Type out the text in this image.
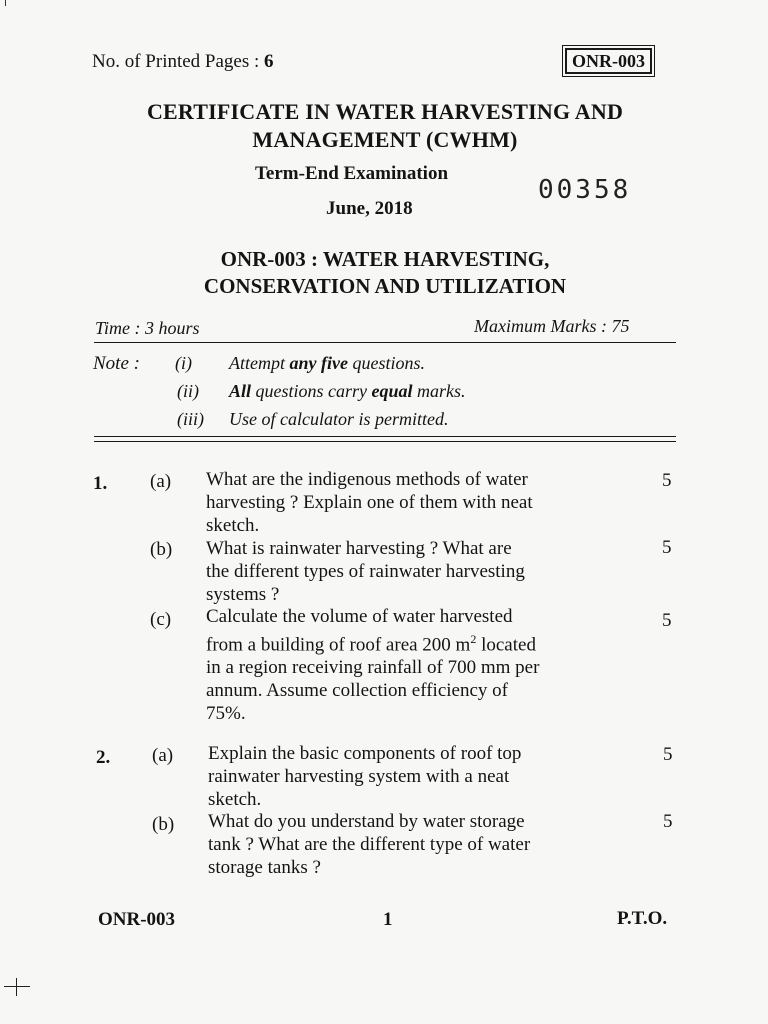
No. of Printed Pages : 6	ONR-003
CERTIFICATE IN WATER HARVESTING AND
MANAGEMENT (CWHM)
Term-End Examination
June, 2018
00358
ONR-003 : WATER HARVESTING,
CONSERVATION AND UTILIZATION
Time : 3 hours	Maximum Marks : 75
Note : (i) Attempt any five questions.
(ii) All questions carry equal marks.
(iii) Use of calculator is permitted.
1. (a) What are the indigenous methods of water
harvesting ? Explain one of them with neat
sketch.
5
(b) What is rainwater harvesting ? What are
the different types of rainwater harvesting
systems ?
5
(c) Calculate the volume of water harvested
from a building of roof area 200 $m^2$ located
in a region receiving rainfall of 700 mm per
annum. Assume collection efficiency of
75%.
5
2. (a) Explain the basic components of roof top
rainwater harvesting system with a neat
sketch.
5
(b) What do you understand by water storage
tank ? What are the different type of water
storage tanks ?
5
ONR-003	1	P.T.O.
